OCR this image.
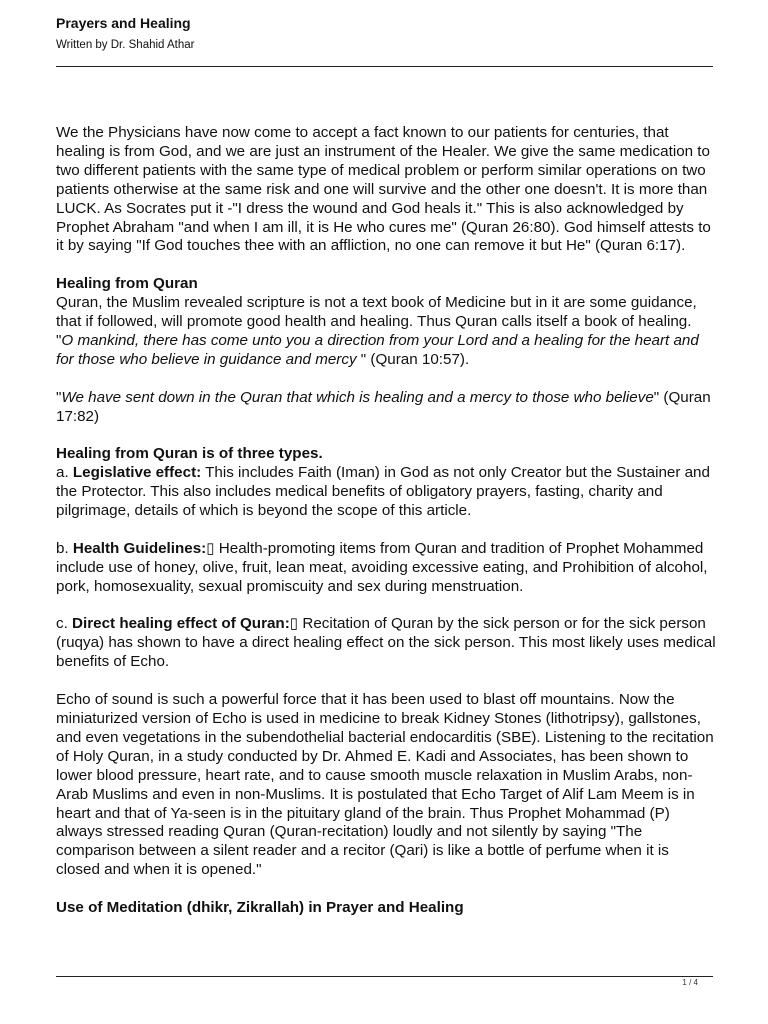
Prayers and Healing

Written by Dr. Shahid Athar

We the Physicians have now come to accept a fact known to our patients for centuries, that healing is from God, and we are just an instrument of the Healer. We give the same medication to two different patients with the same type of medical problem or perform similar operations on two patients otherwise at the same risk and one will survive and the other one doesn't. It is more than LUCK. As Socrates put it -"I dress the wound and God heals it." This is also acknowledged by Prophet Abraham "and when I am ill, it is He who cures me" (Quran 26:80). God himself attests to it by saying "If God touches thee with an affliction, no one can remove it but He" (Quran 6:17).

Healing from Quran

Quran, the Muslim revealed scripture is not a text book of Medicine but in it are some guidance, that if followed, will promote good health and healing. Thus Quran calls itself a book of healing.
"O mankind, there has come unto you a direction from your Lord and a healing for the heart and for those who believe in guidance and mercy " (Quran 10:57).

"We have sent down in the Quran that which is healing and a mercy to those who believe" (Quran 17:82)

Healing from Quran is of three types.

a. Legislative effect: This includes Faith (Iman) in God as not only Creator but the Sustainer and the Protector. This also includes medical benefits of obligatory prayers, fasting, charity and pilgrimage, details of which is beyond the scope of this article.

b. Health Guidelines:▯ Health-promoting items from Quran and tradition of Prophet Mohammed include use of honey, olive, fruit, lean meat, avoiding excessive eating, and Prohibition of alcohol, pork, homosexuality, sexual promiscuity and sex during menstruation.

c. Direct healing effect of Quran:▯ Recitation of Quran by the sick person or for the sick person (ruqya) has shown to have a direct healing effect on the sick person. This most likely uses medical benefits of Echo.

Echo of sound is such a powerful force that it has been used to blast off mountains. Now the miniaturized version of Echo is used in medicine to break Kidney Stones (lithotripsy), gallstones, and even vegetations in the subendothelial bacterial endocarditis (SBE). Listening to the recitation of Holy Quran, in a study conducted by Dr. Ahmed E. Kadi and Associates, has been shown to lower blood pressure, heart rate, and to cause smooth muscle relaxation in Muslim Arabs, non-Arab Muslims and even in non-Muslims. It is postulated that Echo Target of Alif Lam Meem is in heart and that of Ya-seen is in the pituitary gland of the brain. Thus Prophet Mohammad (P) always stressed reading Quran (Quran-recitation) loudly and not silently by saying "The comparison between a silent reader and a recitor (Qari) is like a bottle of perfume when it is closed and when it is opened."

Use of Meditation (dhikr, Zikrallah) in Prayer and Healing
1 / 4
